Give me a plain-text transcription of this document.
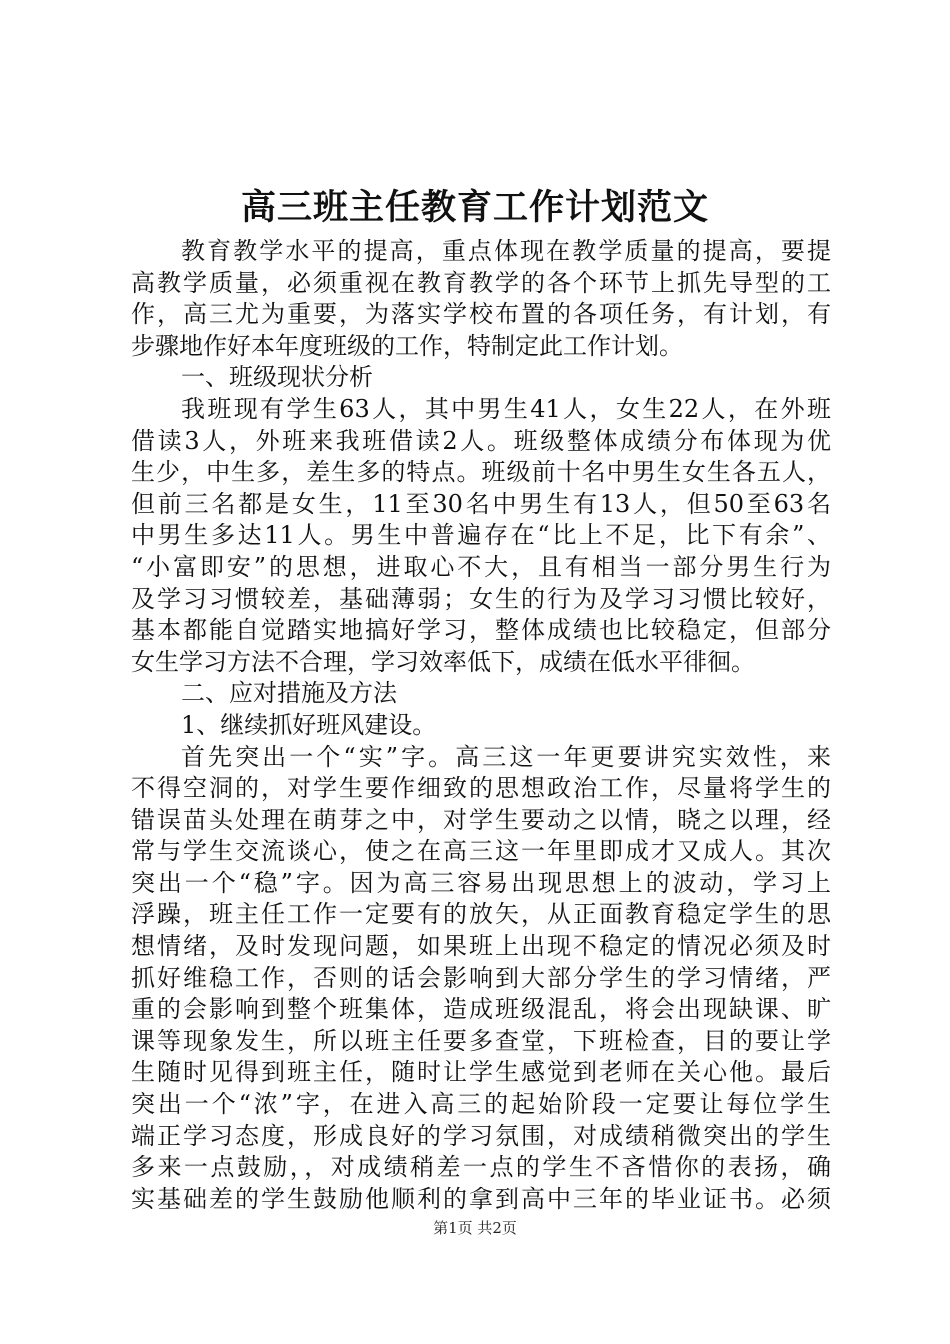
高三班主任教育工作计划范文
教育教学水平的提高，重点体现在教学质量的提高，要提
高教学质量，必须重视在教育教学的各个环节上抓先导型的工
作，高三尤为重要，为落实学校布置的各项任务，有计划，有
步骤地作好本年度班级的工作，特制定此工作计划。
一、班级现状分析
我班现有学生63人，其中男生41人，女生22人，在外班
借读3人，外班来我班借读2人。班级整体成绩分布体现为优
生少，中生多，差生多的特点。班级前十名中男生女生各五人，
但前三名都是女生，11至30名中男生有13人，但50至63名
中男生多达11人。男生中普遍存在“比上不足，比下有余”、
“小富即安”的思想，进取心不大，且有相当一部分男生行为
及学习习惯较差，基础薄弱；女生的行为及学习习惯比较好，
基本都能自觉踏实地搞好学习，整体成绩也比较稳定，但部分
女生学习方法不合理，学习效率低下，成绩在低水平徘徊。
二、应对措施及方法
1、继续抓好班风建设。
首先突出一个“实”字。高三这一年更要讲究实效性，来
不得空洞的，对学生要作细致的思想政治工作，尽量将学生的
错误苗头处理在萌芽之中，对学生要动之以情，晓之以理，经
常与学生交流谈心，使之在高三这一年里即成才又成人。其次
突出一个“稳”字。因为高三容易出现思想上的波动，学习上
浮躁，班主任工作一定要有的放矢，从正面教育稳定学生的思
想情绪，及时发现问题，如果班上出现不稳定的情况必须及时
抓好维稳工作，否则的话会影响到大部分学生的学习情绪，严
重的会影响到整个班集体，造成班级混乱，将会出现缺课、旷
课等现象发生，所以班主任要多查堂，下班检查，目的要让学
生随时见得到班主任，随时让学生感觉到老师在关心他。最后
突出一个“浓”字，在进入高三的起始阶段一定要让每位学生
端正学习态度，形成良好的学习氛围，对成绩稍微突出的学生
多来一点鼓励，，对成绩稍差一点的学生不吝惜你的表扬，确
实基础差的学生鼓励他顺利的拿到高中三年的毕业证书。必须
第1页 共2页
